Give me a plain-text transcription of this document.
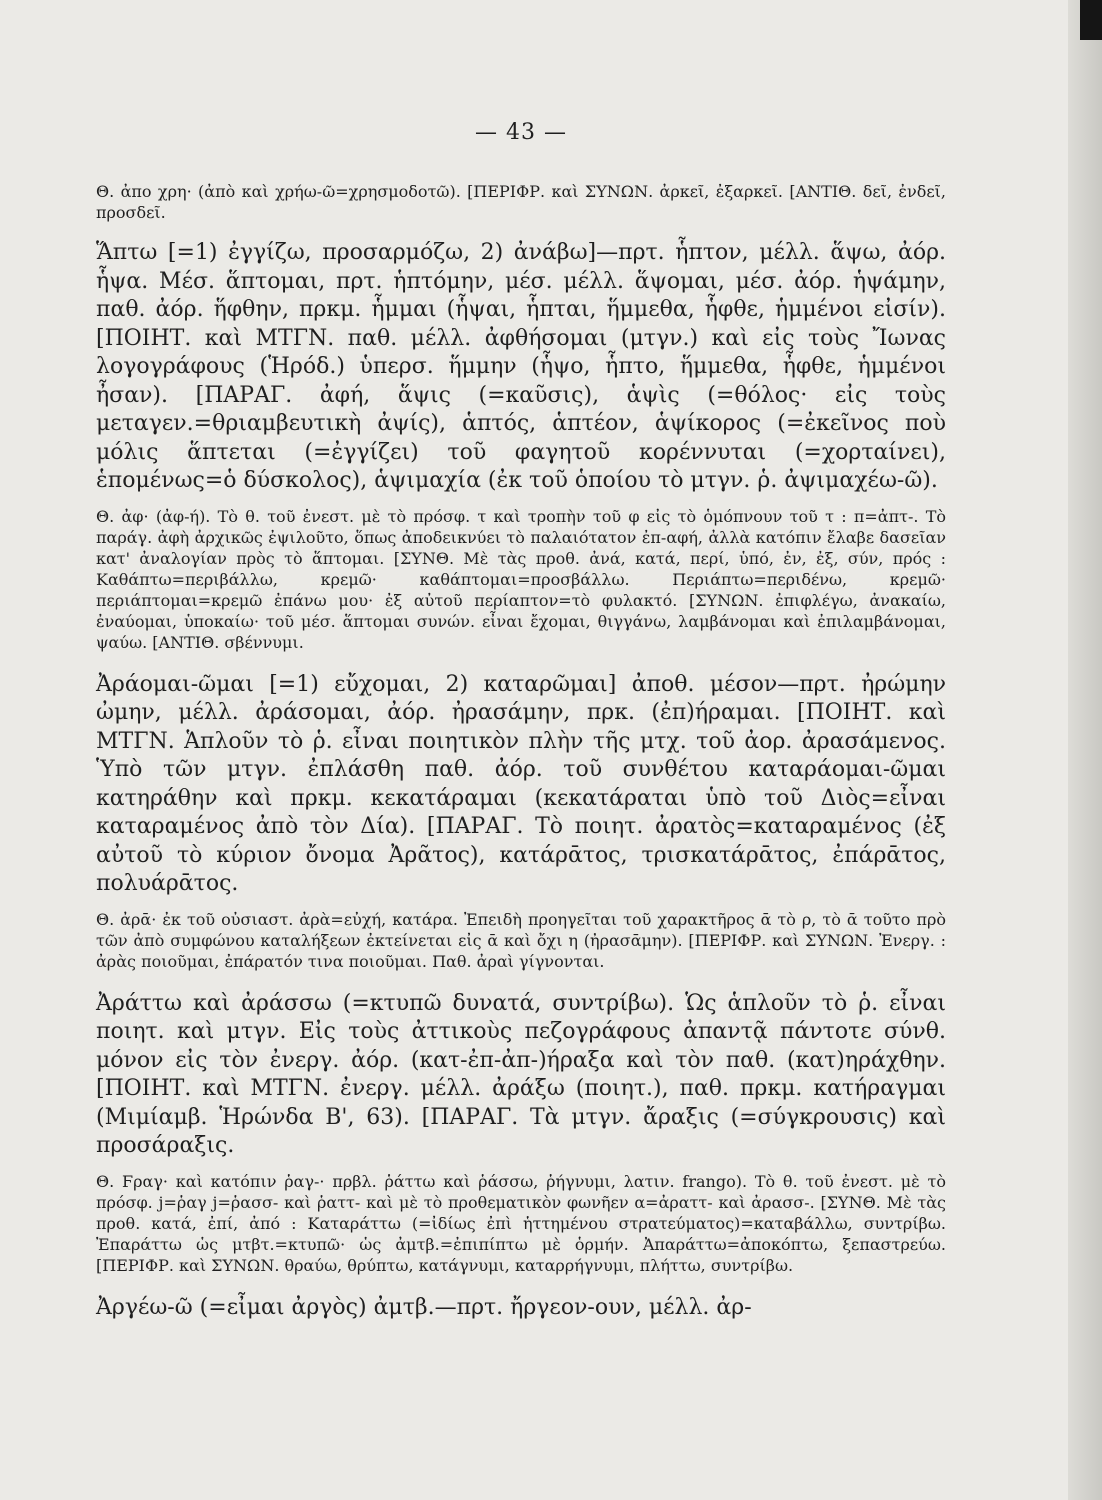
— 43 —

Θ. ἀπο χρη· (ἀπὸ καὶ χρήω-ῶ=χρησμοδοτῶ). [ΠΕΡΙΦΡ. καὶ ΣΥΝΩΝ. ἀρκεῖ, ἐξαρκεῖ. [ΑΝΤΙΘ. δεῖ, ἐνδεῖ, προσδεῖ.

Ἅπτω [=1) ἐγγίζω, προσαρμόζω, 2) ἀνάβω]—πρτ. ἧπτον, μέλλ. ἅψω, ἀόρ. ἧψα. Μέσ. ἅπτομαι, πρτ. ἡπτόμην, μέσ. μέλλ. ἅψομαι, μέσ. ἀόρ. ἡψάμην, παθ. ἀόρ. ἥφθην, πρκμ. ἧμμαι (ἧψαι, ἧπται, ἥμμεθα, ἧφθε, ἡμμένοι εἰσίν). [ΠΟΙΗΤ. καὶ ΜΤΓΝ. παθ. μέλλ. ἀφθήσομαι (μτγν.) καὶ εἰς τοὺς Ἴωνας λογογράφους (Ἡρόδ.) ὑπερσ. ἥμμην (ἧψο, ἧπτο, ἥμμεθα, ἧφθε, ἡμμένοι ἦσαν). [ΠΑΡΑΓ. ἀφή, ἅψις (=καῦσις), ἁψὶς (=θόλος· εἰς τοὺς μεταγεν.=θριαμβευτικὴ ἀψίς), ἁπτός, ἁπτέον, ἁψίκορος (=ἐκεῖνος ποὺ μόλις ἅπτεται (=ἐγγίζει) τοῦ φαγητοῦ κορέννυται (=χορταίνει), ἑπομένως=ὁ δύσκολος), ἁψιμαχία (ἐκ τοῦ ὁποίου τὸ μτγν. ῥ. ἀψιμαχέω-ῶ).

Θ. ἀφ· (ἀφ-ή). Τὸ θ. τοῦ ἐνεστ. μὲ τὸ πρόσφ. τ καὶ τροπὴν τοῦ φ εἰς τὸ ὁμόπνουν τοῦ τ : π=ἀπτ-. Τὸ παράγ. ἀφὴ ἀρχικῶς ἐψιλοῦτο, ὅπως ἀποδεικνύει τὸ παλαιότατον ἐπ-αφή, ἀλλὰ κατόπιν ἔλαβε δασεῖαν κατ' ἀναλογίαν πρὸς τὸ ἅπτομαι. [ΣΥΝΘ. Μὲ τὰς προθ. ἀνά, κατά, περί, ὑπό, ἐν, ἐξ, σύν, πρός : Καθάπτω=περιβάλλω, κρεμῶ· καθάπτομαι=προσβάλλω. Περιάπτω=περιδένω, κρεμῶ· περιάπτομαι=κρεμῶ ἐπάνω μου· ἐξ αὐτοῦ περίαπτον=τὸ φυλακτό. [ΣΥΝΩΝ. ἐπιφλέγω, ἀνακαίω, ἐναύομαι, ὑποκαίω· τοῦ μέσ. ἅπτομαι συνών. εἶναι ἔχομαι, θιγγάνω, λαμβάνομαι καὶ ἐπιλαμβάνομαι, ψαύω. [ΑΝΤΙΘ. σβέννυμι.

Ἀράομαι-ῶμαι [=1) εὔχομαι, 2) καταρῶμαι] ἀποθ. μέσον—πρτ. ἠρώμην ὠμην, μέλλ. ἀράσομαι, ἀόρ. ἠρασάμην, πρκ. (ἐπ)ήραμαι. [ΠΟΙΗΤ. καὶ ΜΤΓΝ. Ἁπλοῦν τὸ ῥ. εἶναι ποιητικὸν πλὴν τῆς μτχ. τοῦ ἀορ. ἀρασάμενος. Ὑπὸ τῶν μτγν. ἐπλάσθη παθ. ἀόρ. τοῦ συνθέτου καταράομαι-ῶμαι κατηράθην καὶ πρκμ. κεκατάραμαι (κεκατάραται ὑπὸ τοῦ Διὸς=εἶναι καταραμένος ἀπὸ τὸν Δία). [ΠΑΡΑΓ. Τὸ ποιητ. ἀρατὸς=καταραμένος (ἐξ αὐτοῦ τὸ κύριον ὄνομα Ἀρᾶτος), κατάρᾱτος, τρισκατάρᾱτος, ἐπάρᾱτος, πολυάρᾱτος.

Θ. ἀρᾱ· ἐκ τοῦ οὐσιαστ. ἀρὰ=εὐχή, κατάρα. Ἐπειδὴ προηγεῖται τοῦ χαρακτῆρος ᾱ τὸ ρ, τὸ ᾱ τοῦτο πρὸ τῶν ἀπὸ συμφώνου καταλήξεων ἐκτείνεται εἰς ᾱ καὶ ὄχι η (ἠρασᾱμην). [ΠΕΡΙΦΡ. καὶ ΣΥΝΩΝ. Ἐνεργ. : ἀρὰς ποιοῦμαι, ἐπάρατόν τινα ποιοῦμαι. Παθ. ἀραὶ γίγνονται.

Ἀράττω καὶ ἀράσσω (=κτυπῶ δυνατά, συντρίβω). Ὡς ἁπλοῦν τὸ ῥ. εἶναι ποιητ. καὶ μτγν. Εἰς τοὺς ἀττικοὺς πεζογράφους ἀπαντᾷ πάντοτε σύνθ. μόνον εἰς τὸν ἐνεργ. ἀόρ. (κατ-ἐπ-ἀπ-)ήραξα καὶ τὸν παθ. (κατ)ηράχθην. [ΠΟΙΗΤ. καὶ ΜΤΓΝ. ἐνεργ. μέλλ. ἀράξω (ποιητ.), παθ. πρκμ. κατήραγμαι (Μιμίαμβ. Ἡρώνδα Β', 63). [ΠΑΡΑΓ. Τὰ μτγν. ἄραξις (=σύγκρουσις) καὶ προσάραξις.

Θ. Ϝραγ· καὶ κατόπιν ῥαγ-· πρβλ. ῥάττω καὶ ῥάσσω, ῥήγνυμι, λατιν. frango). Τὸ θ. τοῦ ἐνεστ. μὲ τὸ πρόσφ. j=ῥαγ j=ῥασσ- καὶ ῥαττ- καὶ μὲ τὸ προθεματικὸν φωνῆεν α=ἀραττ- καὶ ἀρασσ-. [ΣΥΝΘ. Μὲ τὰς προθ. κατά, ἐπί, ἀπό : Καταράττω (=ἰδίως ἐπὶ ἡττημένου στρατεύματος)=καταβάλλω, συντρίβω. Ἐπαράττω ὡς μτβτ.=κτυπῶ· ὡς ἀμτβ.=ἐπιπίπτω μὲ ὁρμήν. Ἀπαράττω=ἀποκόπτω, ξεπαστρεύω. [ΠΕΡΙΦΡ. καὶ ΣΥΝΩΝ. θραύω, θρύπτω, κατάγνυμι, καταρρήγνυμι, πλήττω, συντρίβω.

Ἀργέω-ῶ (=εἶμαι ἀργὸς) ἀμτβ.—πρτ. ἤργεον-ουν, μέλλ. ἀρ-
